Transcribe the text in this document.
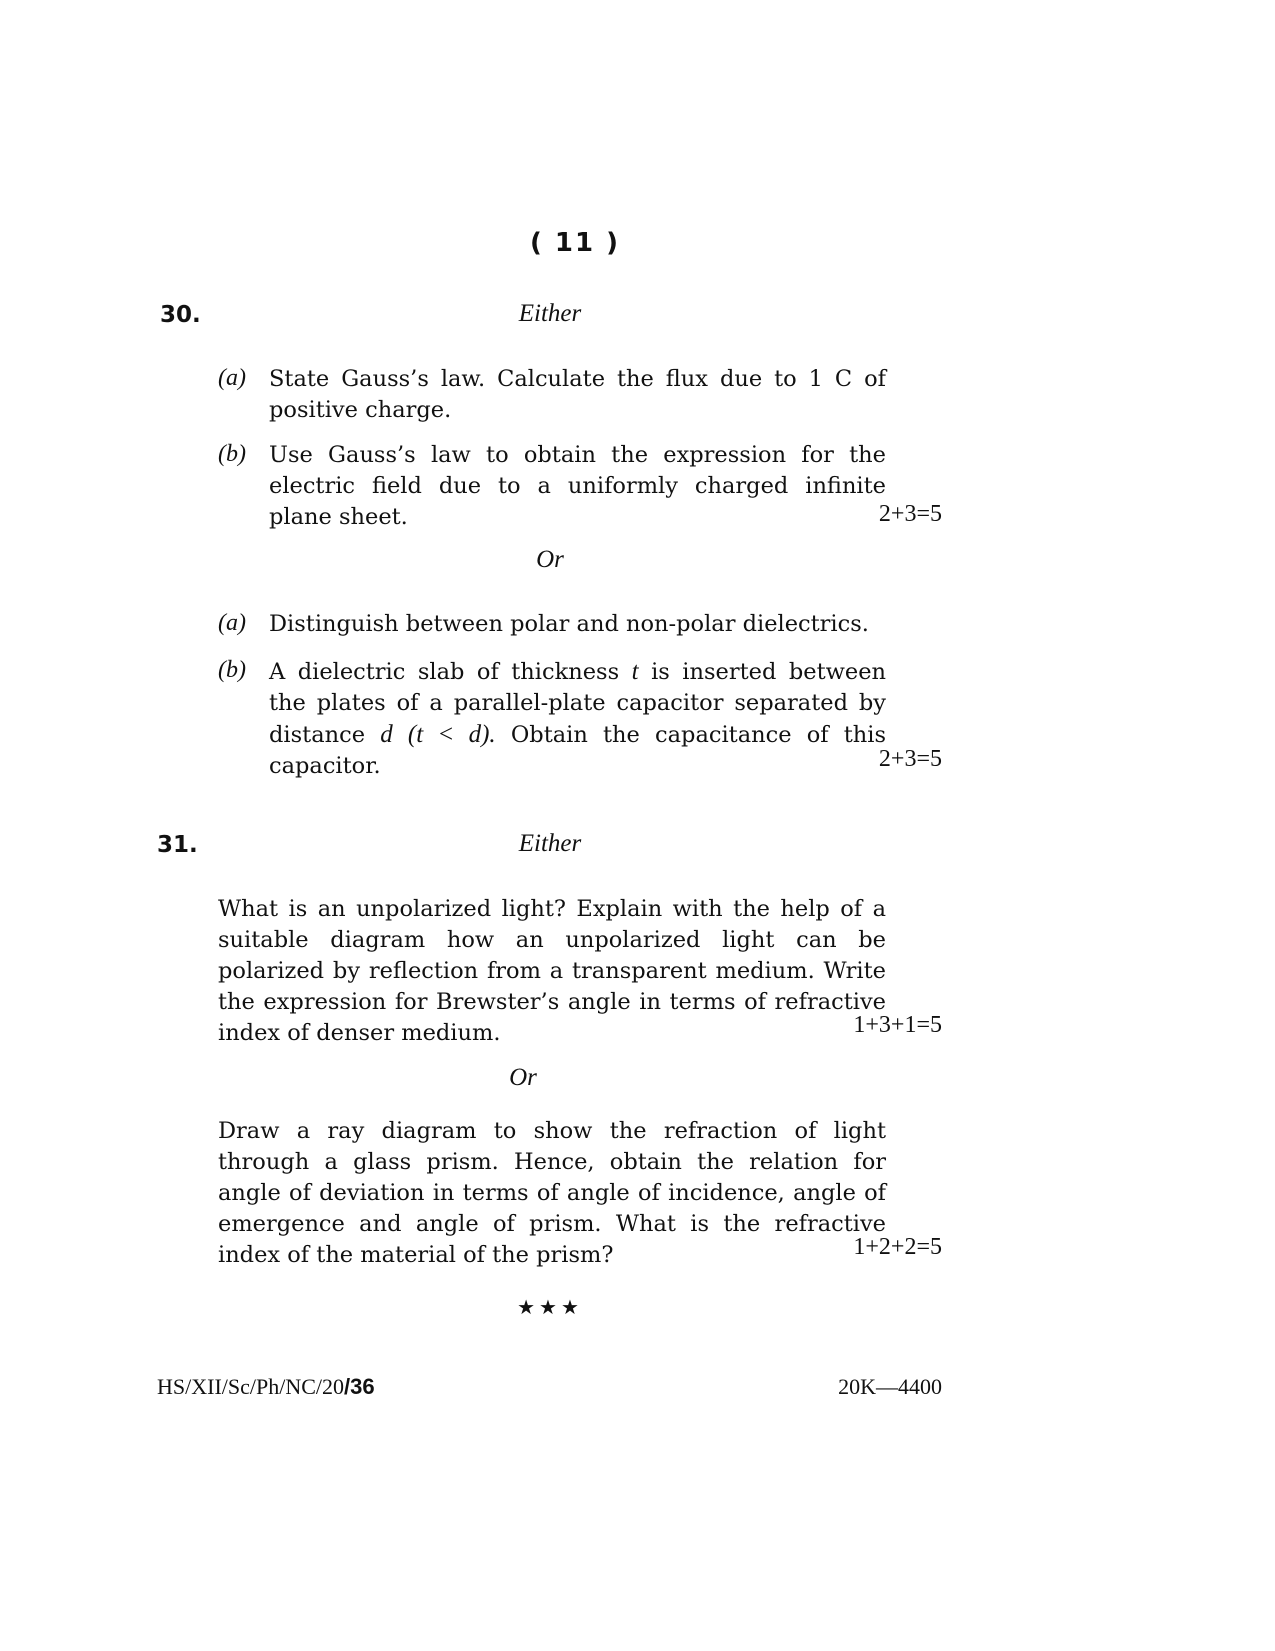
( 11 )
30.	Either
(a) State Gauss’s law. Calculate the flux due to 1 C of positive charge.
(b) Use Gauss’s law to obtain the expression for the electric field due to a uniformly charged infinite plane sheet.	2+3=5
Or
(a) Distinguish between polar and non-polar dielectrics.
(b) A dielectric slab of thickness t is inserted between the plates of a parallel-plate capacitor separated by distance d (t < d). Obtain the capacitance of this capacitor.	2+3=5
31.	Either
What is an unpolarized light? Explain with the help of a suitable diagram how an unpolarized light can be polarized by reflection from a transparent medium. Write the expression for Brewster’s angle in terms of refractive index of denser medium.	1+3+1=5
Or
Draw a ray diagram to show the refraction of light through a glass prism. Hence, obtain the relation for angle of deviation in terms of angle of incidence, angle of emergence and angle of prism. What is the refractive index of the material of the prism?	1+2+2=5
★★★
HS/XII/Sc/Ph/NC/20/36	20K—4400
